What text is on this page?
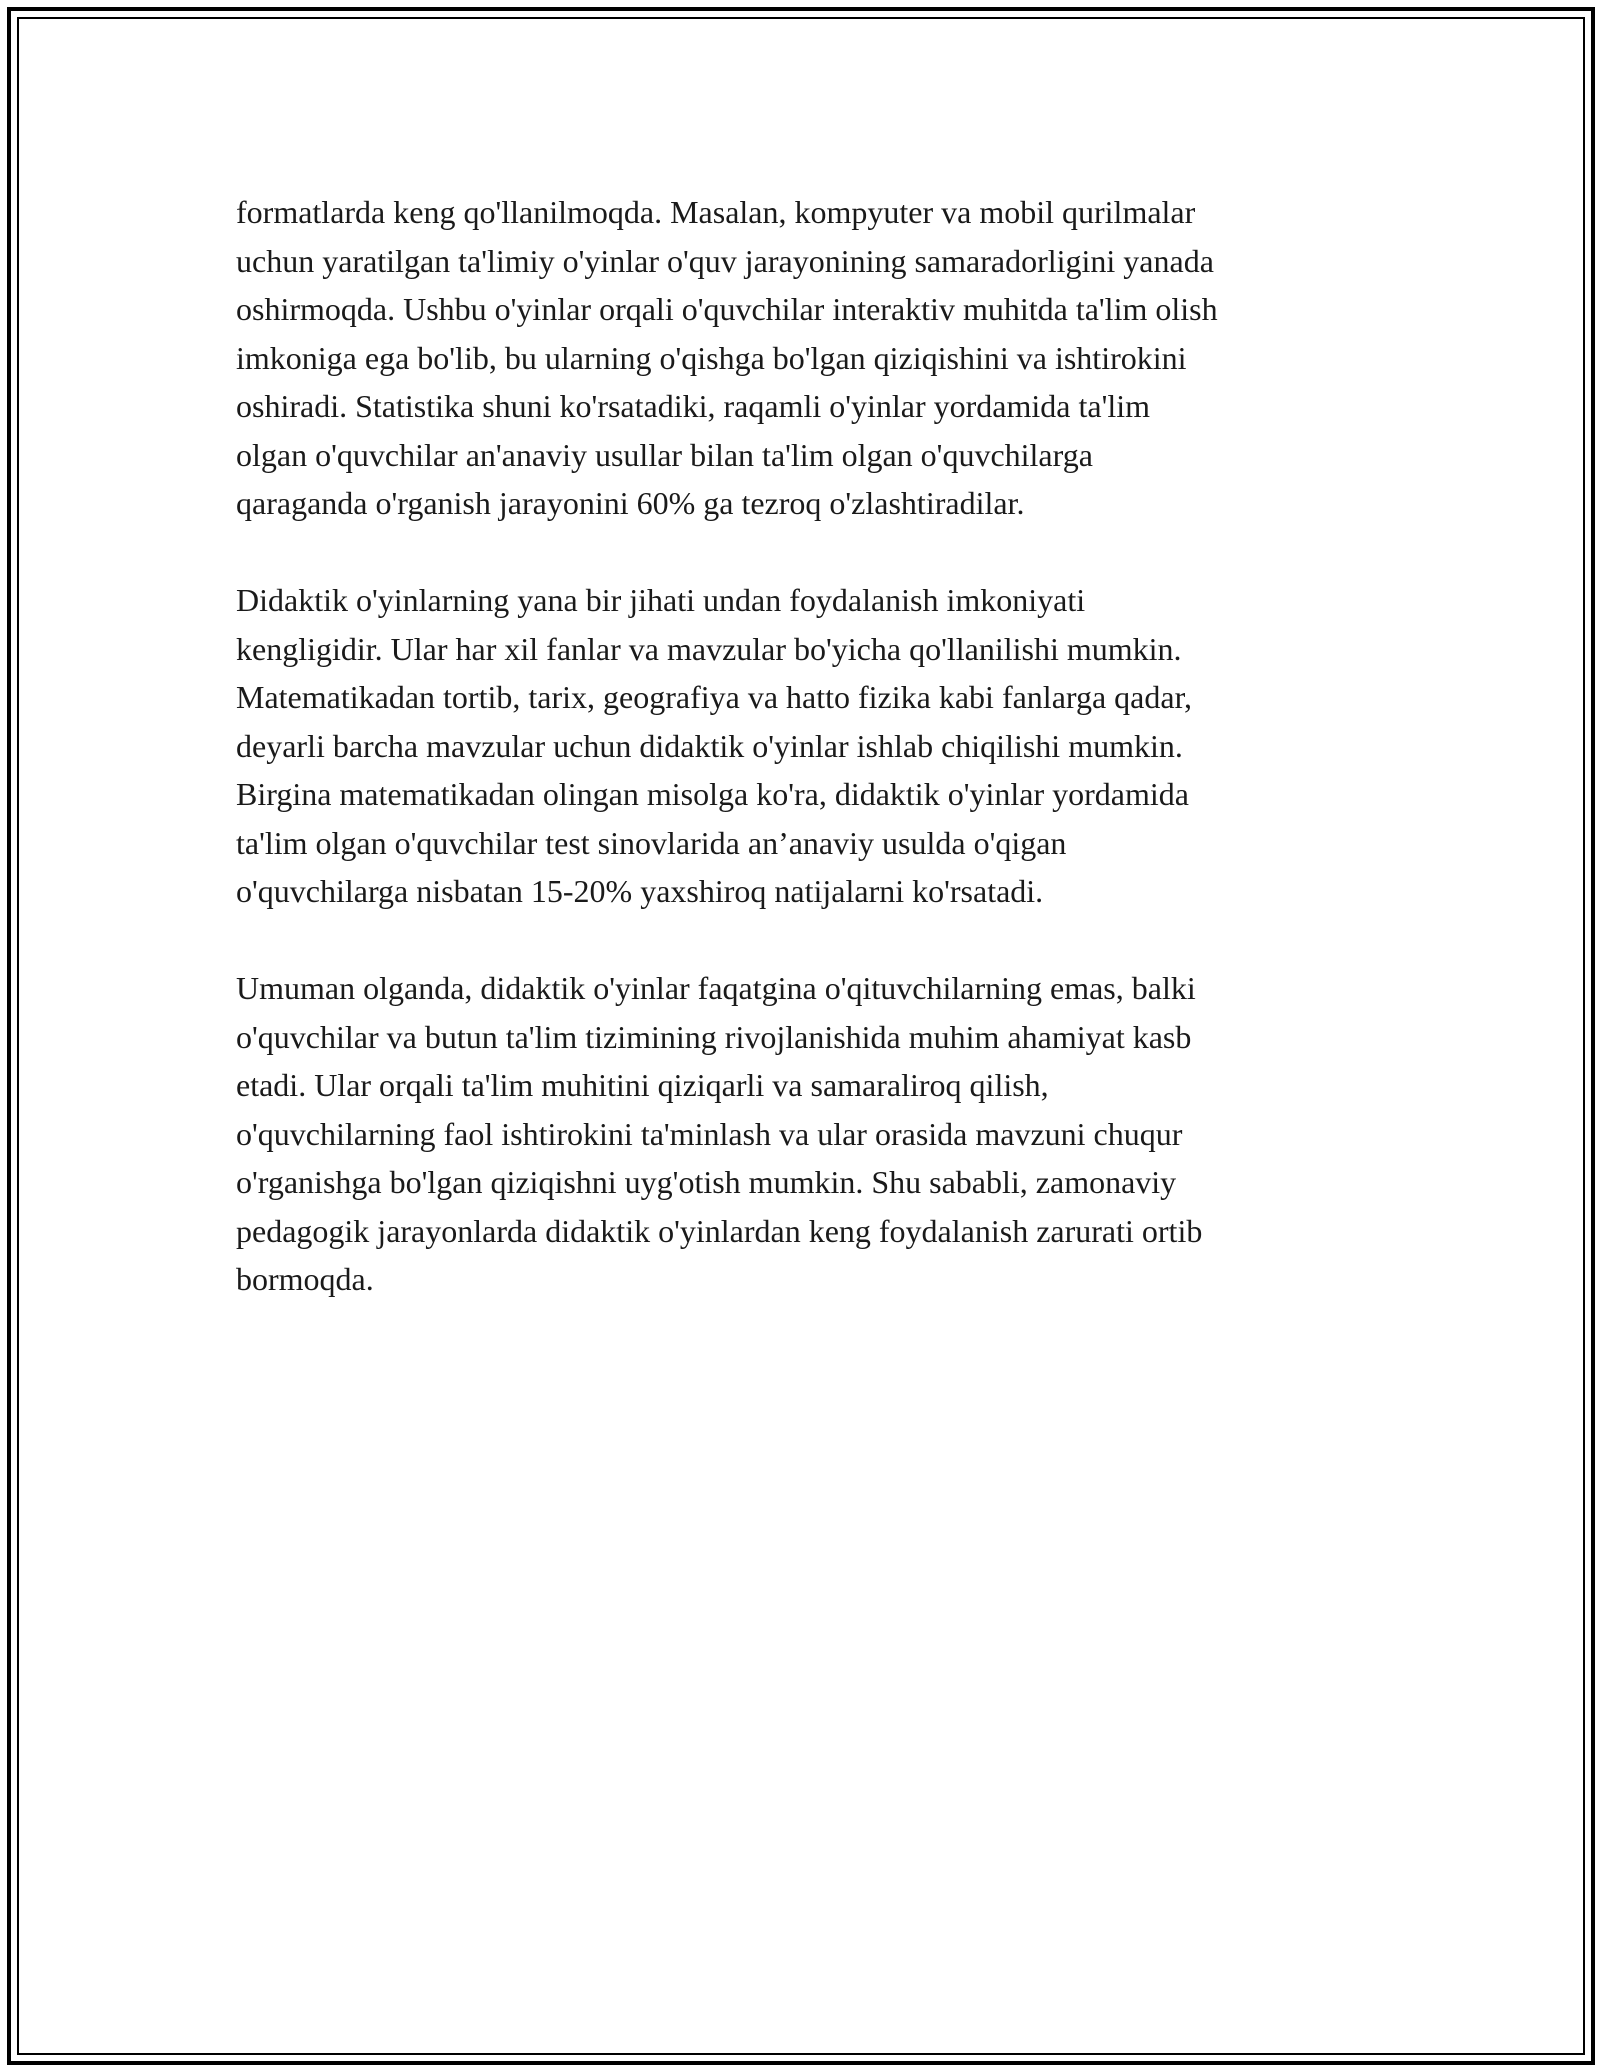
formatlarda keng qo'llanilmoqda. Masalan, kompyuter va mobil qurilmalar
uchun yaratilgan ta'limiy o'yinlar o'quv jarayonining samaradorligini yanada
oshirmoqda. Ushbu o'yinlar orqali o'quvchilar interaktiv muhitda ta'lim olish
imkoniga ega bo'lib, bu ularning o'qishga bo'lgan qiziqishini va ishtirokini
oshiradi. Statistika shuni ko'rsatadiki, raqamli o'yinlar yordamida ta'lim
olgan o'quvchilar an'anaviy usullar bilan ta'lim olgan o'quvchilarga
qaraganda o'rganish jarayonini 60% ga tezroq o'zlashtiradilar.

Didaktik o'yinlarning yana bir jihati undan foydalanish imkoniyati
kengligidir. Ular har xil fanlar va mavzular bo'yicha qo'llanilishi mumkin.
Matematikadan tortib, tarix, geografiya va hatto fizika kabi fanlarga qadar,
deyarli barcha mavzular uchun didaktik o'yinlar ishlab chiqilishi mumkin.
Birgina matematikadan olingan misolga ko'ra, didaktik o'yinlar yordamida
ta'lim olgan o'quvchilar test sinovlarida an’anaviy usulda o'qigan
o'quvchilarga nisbatan 15-20% yaxshiroq natijalarni ko'rsatadi.

Umuman olganda, didaktik o'yinlar faqatgina o'qituvchilarning emas, balki
o'quvchilar va butun ta'lim tizimining rivojlanishida muhim ahamiyat kasb
etadi. Ular orqali ta'lim muhitini qiziqarli va samaraliroq qilish,
o'quvchilarning faol ishtirokini ta'minlash va ular orasida mavzuni chuqur
o'rganishga bo'lgan qiziqishni uyg'otish mumkin. Shu sababli, zamonaviy
pedagogik jarayonlarda didaktik o'yinlardan keng foydalanish zarurati ortib
bormoqda.
